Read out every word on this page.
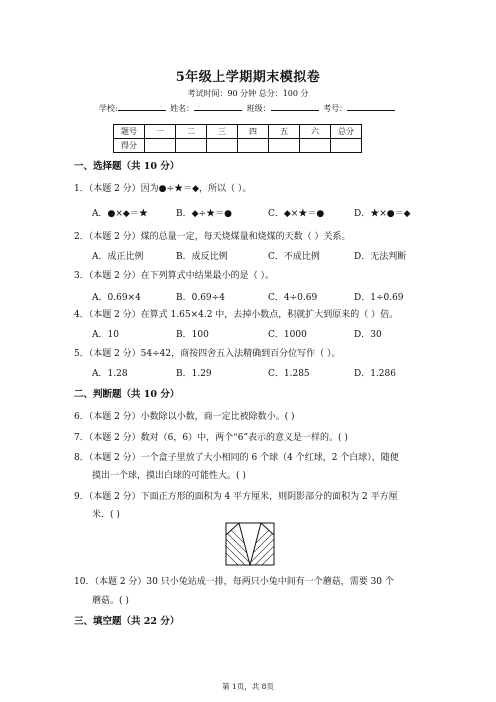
5年级上学期期末模拟卷
考试时间：90 分钟 总分：100 分
学校:	姓名：	班级：	考号：
题号	一	二	三	四	五	六	总分
得分							
一、选择题（共 10 分）
1．（本题 2 分）因为●÷★＝◆，所以（ ）。
A．●×◆＝★	B．◆÷★＝●	C．◆×★＝●	D．★×●＝◆
2．（本题 2 分）煤的总量一定，每天烧煤量和烧煤的天数（ ）关系。
A．成正比例	B．成反比例	C．不成比例	D．无法判断
3．（本题 2 分）在下列算式中结果最小的是（ ）。
A．0.69×4	B．0.69÷4	C．4÷0.69	D．1÷0.69
4．（本题 2 分）在算式 1.65×4.2 中，去掉小数点，积就扩大到原来的（ ）倍。
A．10	B．100	C．1000	D．30
5．（本题 2 分）54÷42，商按四舍五入法精确到百分位写作（ ）。
A．1.28	B．1.29	C．1.285	D．1.286
二、判断题（共 10 分）
6．（本题 2 分）小数除以小数，商一定比被除数小。( )
7．（本题 2 分）数对（6，6）中，两个“6”表示的意义是一样的。( )
8．（本题 2 分）一个盒子里放了大小相同的 6 个球（4 个红球，2 个白球），随便
摸出一个球，摸出白球的可能性大。( )
9．（本题 2 分）下面正方形的面积为 4 平方厘米，则阴影部分的面积为 2 平方厘
米．( )
10．（本题 2 分）30 只小兔站成一排，每两只小兔中间有一个蘑菇，需要 30 个
蘑菇。( )
三、填空题（共 22 分）
第 1页，共 8页
